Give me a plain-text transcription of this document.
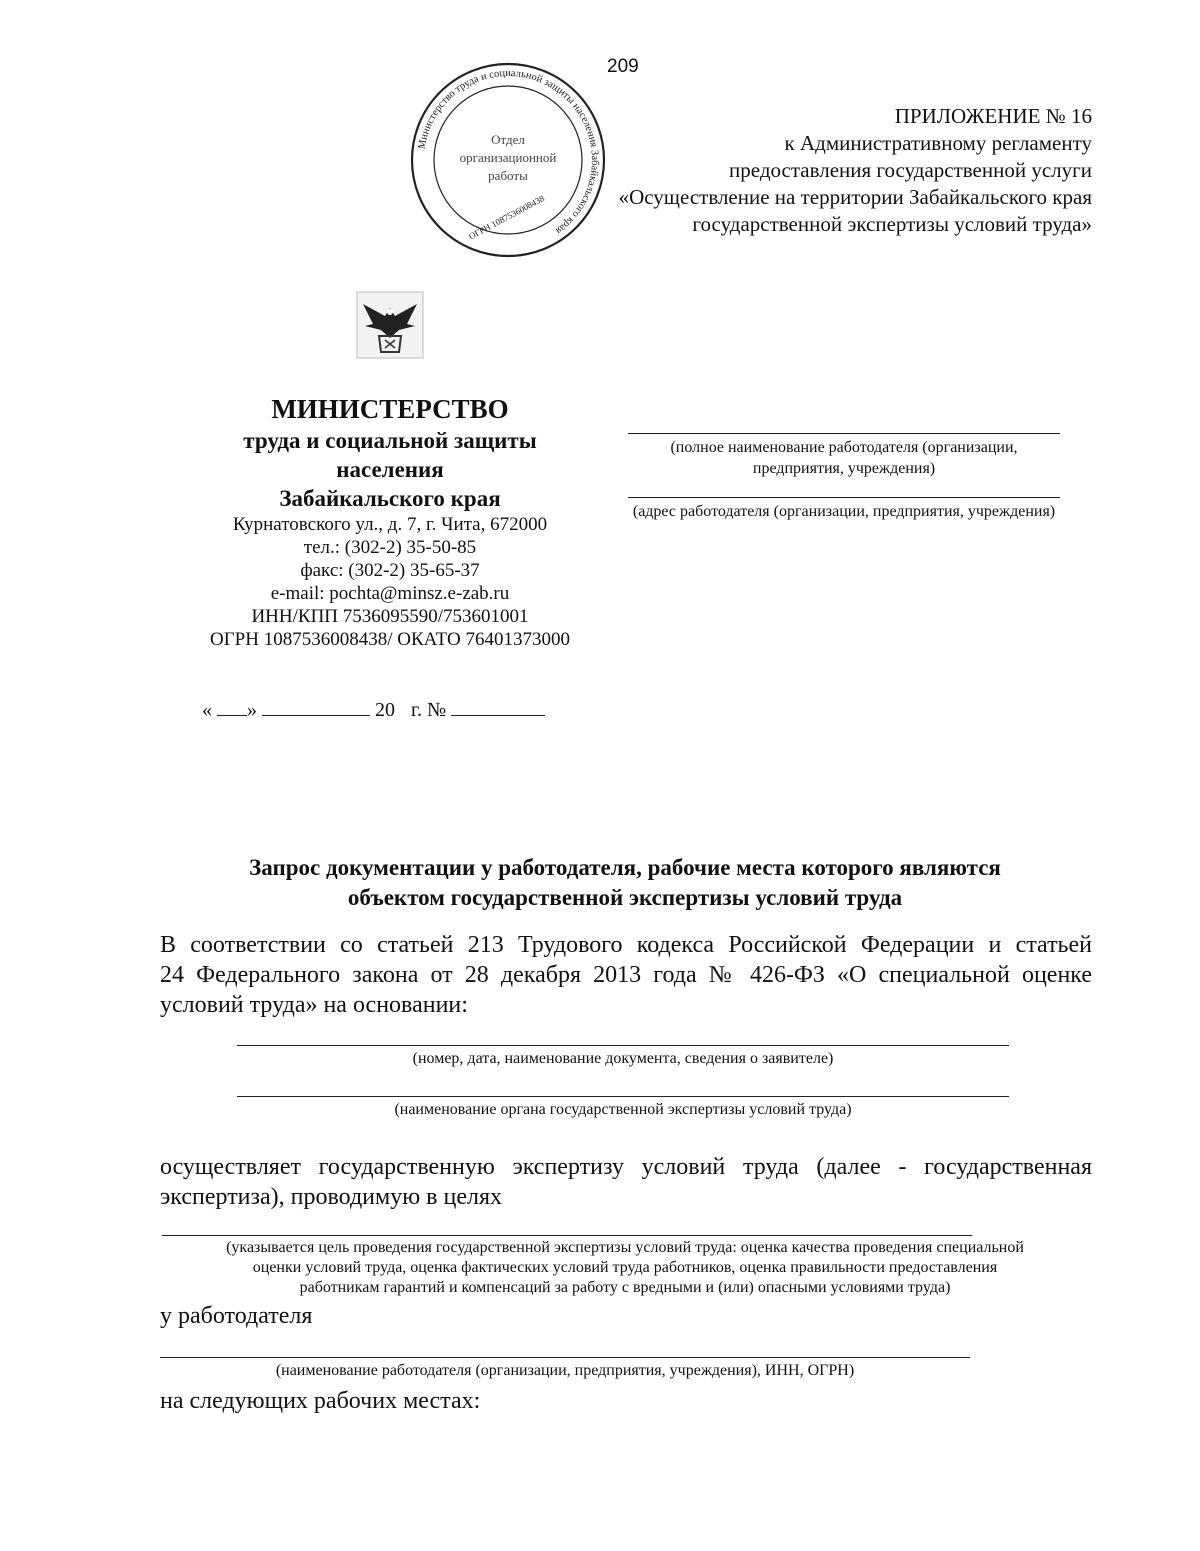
209
Министерство труда и социальной защиты населения Забайкальского края
Отдел
организационной
работы
ОГРН 1087536008438
ПРИЛОЖЕНИЕ № 16
к Административному регламенту
предоставления государственной услуги
«Осуществление на территории Забайкальского края
государственной экспертизы условий труда»
МИНИСТЕРСТВО
труда и социальной защиты
населения
Забайкальского края
Курнатовского ул., д. 7, г. Чита, 672000
тел.: (302-2) 35-50-85
факс: (302-2) 35-65-37
e-mail: pochta@minsz.e-zab.ru
ИНН/КПП 7536095590/753601001
ОГРН 1087536008438/ ОКАТО 76401373000
(полное наименование работодателя (организации, предприятия, учреждения)
(адрес работодателя (организации, предприятия, учреждения)
« »	20 г. №
Запрос документации у работодателя, рабочие места которого являются
объектом государственной экспертизы условий труда
В соответствии со статьей 213 Трудового кодекса Российской Федерации и статьей
24 Федерального закона от 28 декабря 2013 года № 426-ФЗ «О специальной оценке
условий труда» на основании:
(номер, дата, наименование документа, сведения о заявителе)
(наименование органа государственной экспертизы условий труда)
осуществляет государственную экспертизу условий труда (далее - государственная
экспертиза), проводимую в целях
(указывается цель проведения государственной экспертизы условий труда: оценка качества проведения специальной
оценки условий труда, оценка фактических условий труда работников, оценка правильности предоставления
работникам гарантий и компенсаций за работу с вредными и (или) опасными условиями труда)
у работодателя
(наименование работодателя (организации, предприятия, учреждения), ИНН, ОГРН)
на следующих рабочих местах:
